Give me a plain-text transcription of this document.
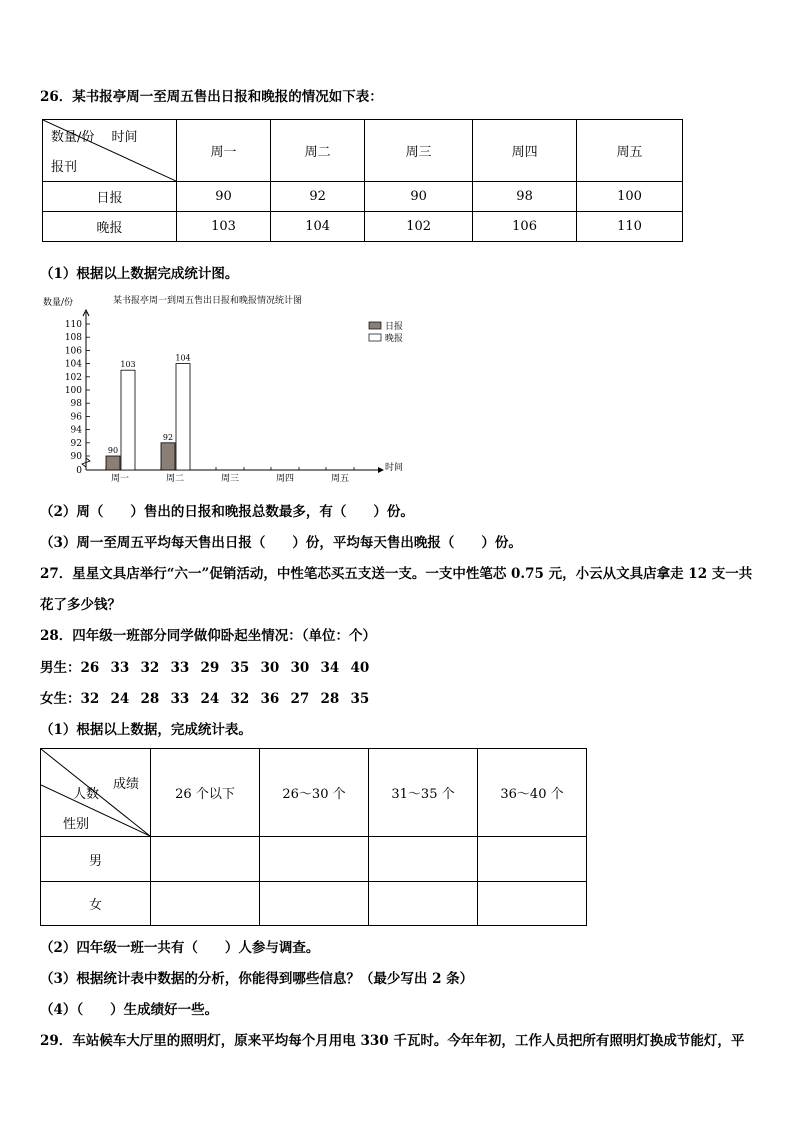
26．某书报亭周一至周五售出日报和晚报的情况如下表：
数量/份　 时间
报刊	周一	周二	周三	周四	周五
日报	90	92	90	98	100
晚报	103	104	102	106	110
（1）根据以上数据完成统计图。
某书报亭周一到周五售出日报和晚报情况统计图
数量/份
时间
日报
晚报
0
90
92
94
96
98
100
102
104
106
108
110
周一	周二	周三	周四	周五
90
103
92
104
（2）周（　　）售出的日报和晚报总数最多，有（　　）份。
（3）周一至周五平均每天售出日报（　　）份，平均每天售出晚报（　　）份。
27．星星文具店举行“六一”促销活动，中性笔芯买五支送一支。一支中性笔芯 0.75 元，小云从文具店拿走 12 支一共
花了多少钱？
28．四年级一班部分同学做仰卧起坐情况：（单位：个）
男生：26 33 32 33 29 35 30 30 34 40
女生：32 24 28 33 24 32 36 27 28 35
（1）根据以上数据，完成统计表。
成绩
人数
性别	26 个以下	26～30 个	31～35 个	36～40 个
男				
女				
（2）四年级一班一共有（　　）人参与调查。
（3）根据统计表中数据的分析，你能得到哪些信息？（最少写出 2 条）
（4）（　　）生成绩好一些。
29．车站候车大厅里的照明灯，原来平均每个月用电 330 千瓦时。今年年初，工作人员把所有照明灯换成节能灯，平
